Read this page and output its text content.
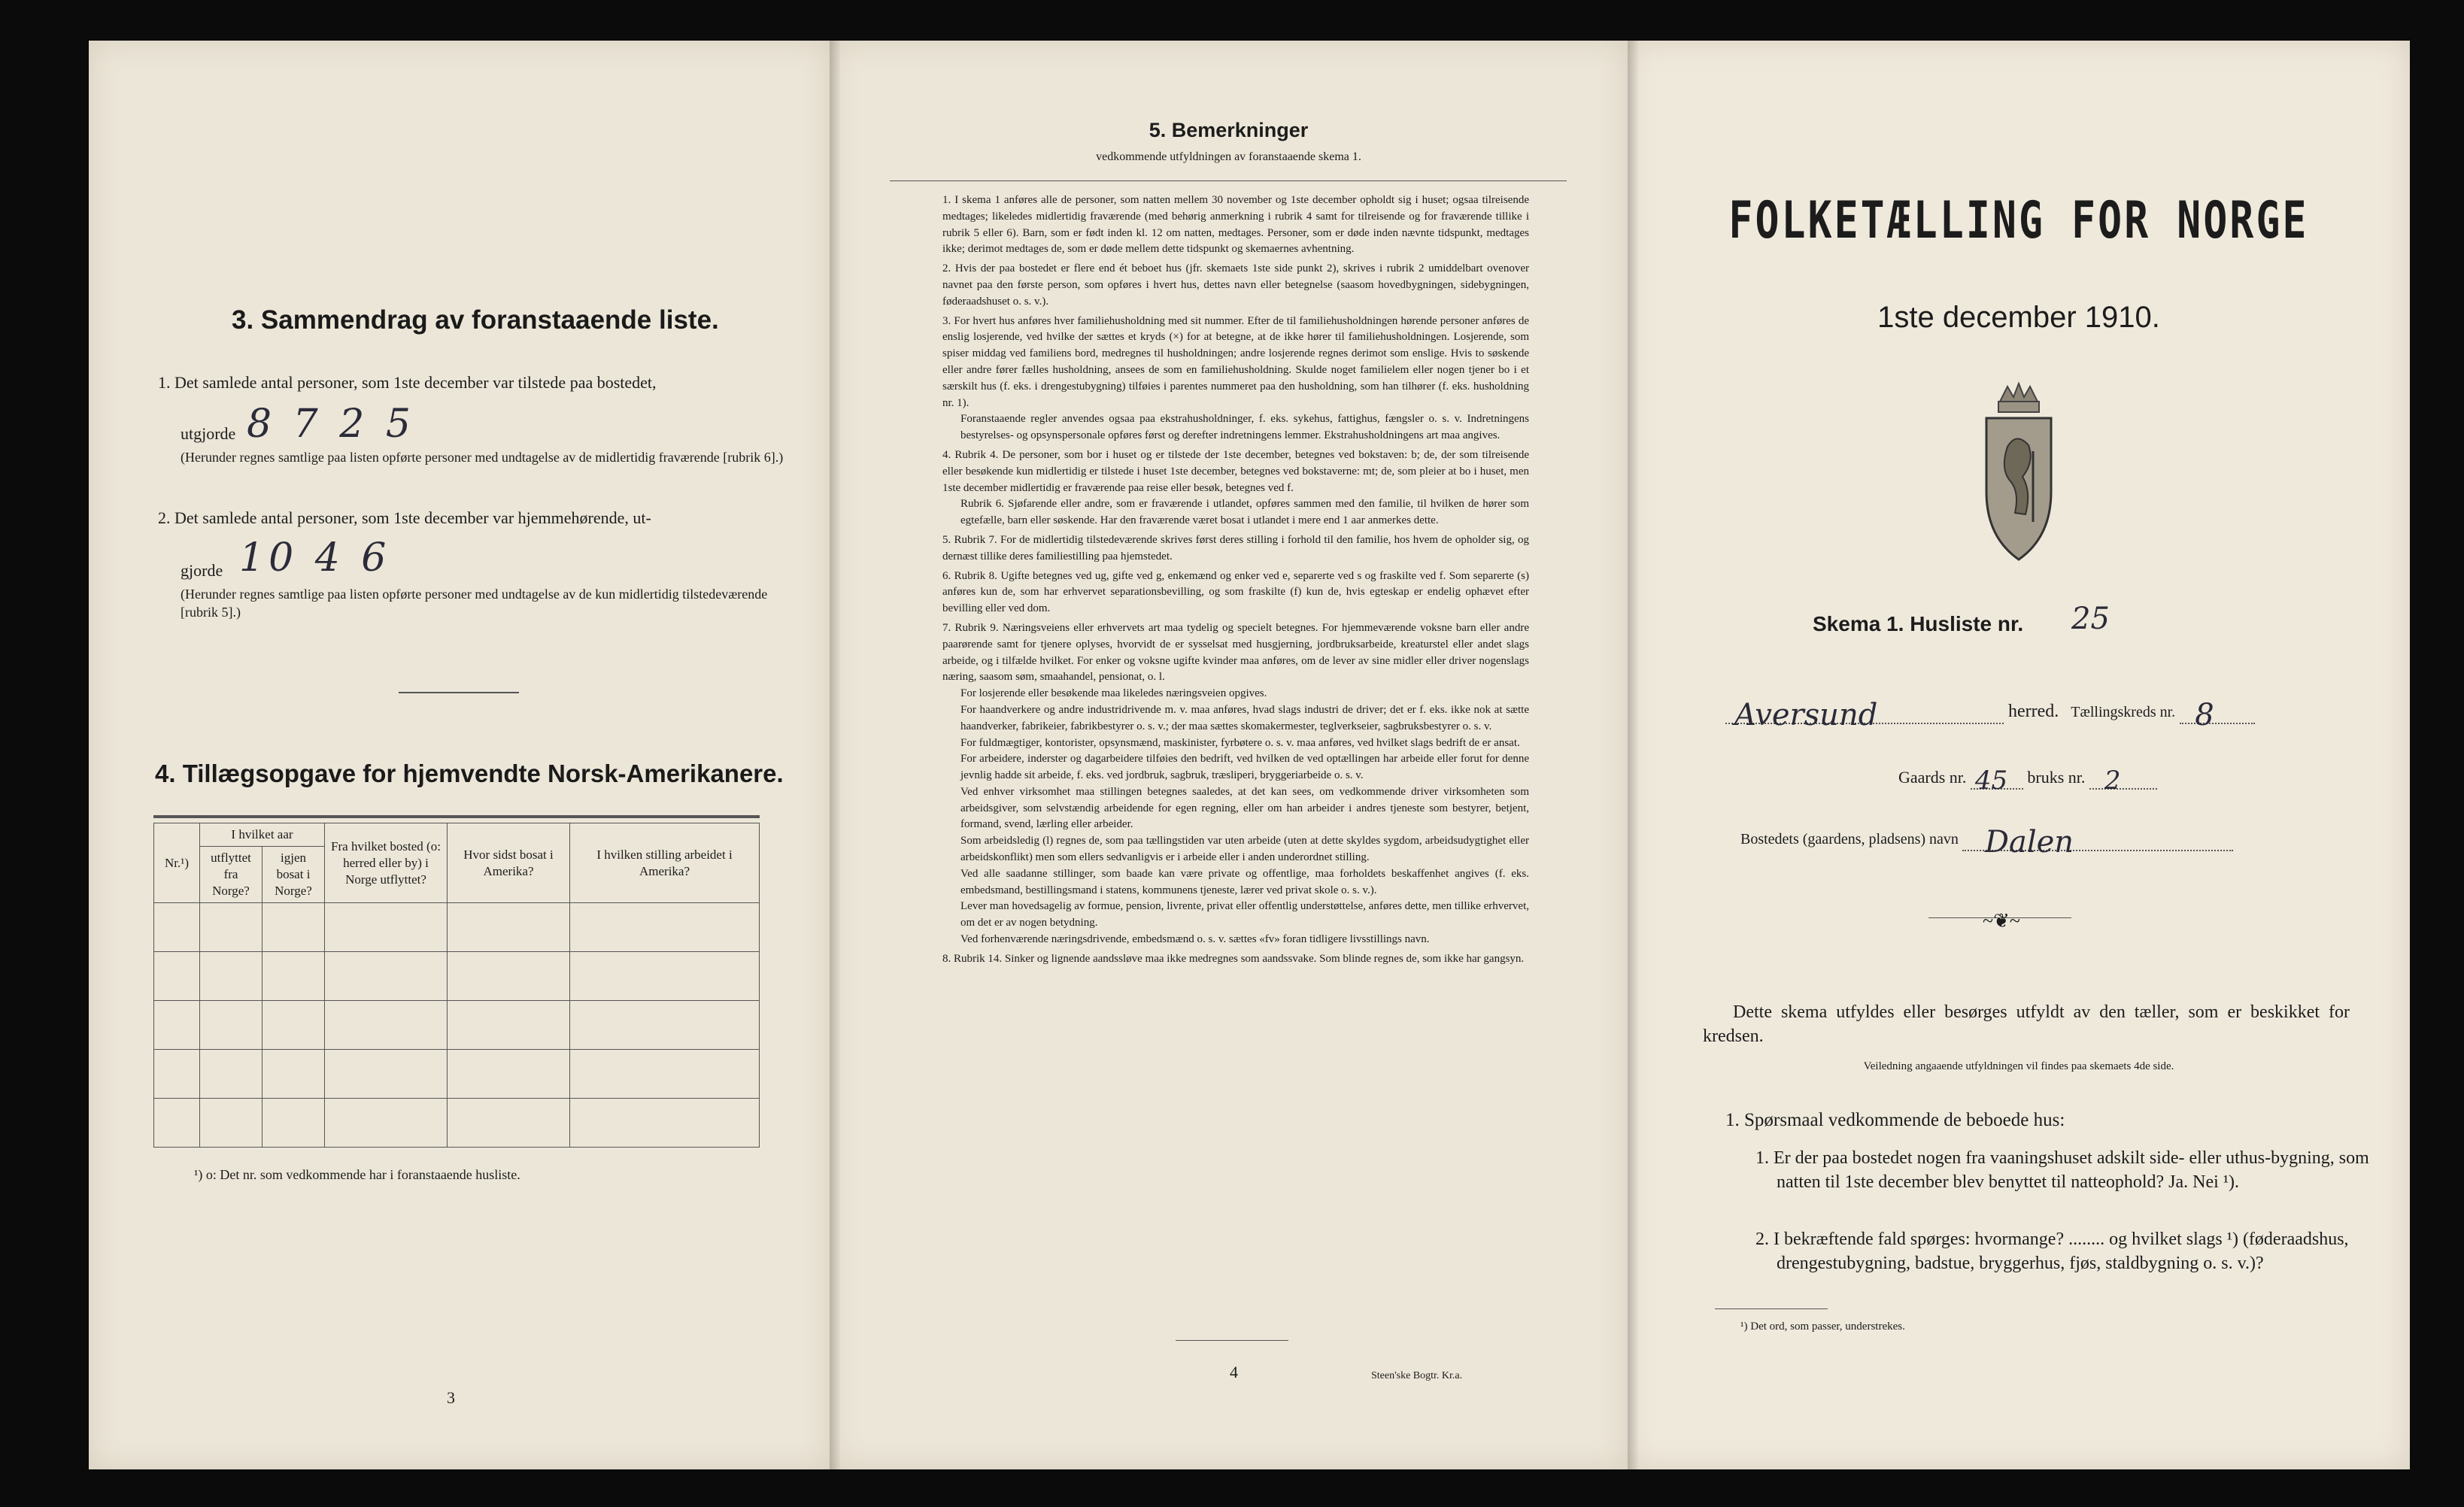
3. Sammendrag av foranstaaende liste.
1. Det samlede antal personer, som 1ste december var tilstede paa bostedet,
utgjorde 8 7 2 5
(Herunder regnes samtlige paa listen opførte personer med undtagelse av de midlertidig fraværende [rubrik 6].)
2. Det samlede antal personer, som 1ste december var hjemmehørende, ut-
gjorde 10 4 6
(Herunder regnes samtlige paa listen opførte personer med undtagelse av de kun midlertidig tilstedeværende [rubrik 5].)
4. Tillægsopgave for hjemvendte Norsk-Amerikanere.
Nr.¹)	I hvilket aar		Fra hvilket bosted (o: herred eller by) i Norge utflyttet?	Hvor sidst bosat i Amerika?	I hvilken stilling arbeidet i Amerika?
	utflyttet fra Norge?	igjen bosat i Norge?			

¹) o: Det nr. som vedkommende har i foranstaaende husliste.
3
5. Bemerkninger
vedkommende utfyldningen av foranstaaende skema 1.

1. I skema 1 anføres alle de personer, som natten mellem 30 november og 1ste december opholdt sig i huset; ogsaa tilreisende medtages; likeledes midlertidig fraværende (med behørig anmerkning i rubrik 4 samt for tilreisende og for fraværende tillike i rubrik 5 eller 6). Barn, som er født inden kl. 12 om natten, medtages. Personer, som er døde inden nævnte tidspunkt, medtages ikke; derimot medtages de, som er døde mellem dette tidspunkt og skemaernes avhentning.

2. Hvis der paa bostedet er flere end ét beboet hus (jfr. skemaets 1ste side punkt 2), skrives i rubrik 2 umiddelbart ovenover navnet paa den første person, som opføres i hvert hus, dettes navn eller betegnelse (saasom hovedbygningen, sidebygningen, føderaadshuset o. s. v.).

3. For hvert hus anføres hver familiehusholdning med sit nummer. Efter de til familiehusholdningen hørende personer anføres de enslig losjerende, ved hvilke der sættes et kryds (×) for at betegne, at de ikke hører til familiehusholdningen. Losjerende, som spiser middag ved familiens bord, medregnes til husholdningen; andre losjerende regnes derimot som enslige. Hvis to søskende eller andre fører fælles husholdning, ansees de som en familiehusholdning. Skulde noget familielem eller nogen tjener bo i et særskilt hus (f. eks. i drengestubygning) tilføies i parentes nummeret paa den husholdning, som han tilhører (f. eks. husholdning nr. 1).

Foranstaaende regler anvendes ogsaa paa ekstrahusholdninger, f. eks. sykehus, fattighus, fængsler o. s. v. Indretningens bestyrelses- og opsynspersonale opføres først og derefter indretningens lemmer. Ekstrahusholdningens art maa angives.

4. Rubrik 4. De personer, som bor i huset og er tilstede der 1ste december, betegnes ved bokstaven: b; de, der som tilreisende eller besøkende kun midlertidig er tilstede i huset 1ste december, betegnes ved bokstaverne: mt; de, som pleier at bo i huset, men 1ste december midlertidig er fraværende paa reise eller besøk, betegnes ved f.

Rubrik 6. Sjøfarende eller andre, som er fraværende i utlandet, opføres sammen med den familie, til hvilken de hører som egtefælle, barn eller søskende. Har den fraværende været bosat i utlandet i mere end 1 aar anmerkes dette.

5. Rubrik 7. For de midlertidig tilstedeværende skrives først deres stilling i forhold til den familie, hos hvem de opholder sig, og dernæst tillike deres familiestilling paa hjemstedet.

6. Rubrik 8. Ugifte betegnes ved ug, gifte ved g, enkemænd og enker ved e, separerte ved s og fraskilte ved f. Som separerte (s) anføres kun de, som har erhvervet separationsbevilling, og som fraskilte (f) kun de, hvis egteskap er endelig ophævet efter bevilling eller ved dom.

7. Rubrik 9. Næringsveiens eller erhvervets art maa tydelig og specielt betegnes. For hjemmeværende voksne barn eller andre paarørende samt for tjenere oplyses, hvorvidt de er sysselsat med husgjerning, jordbruksarbeide, kreaturstel eller andet slags arbeide, og i tilfælde hvilket. For enker og voksne ugifte kvinder maa anføres, om de lever av sine midler eller driver nogenslags næring, saasom søm, smaahandel, pensionat, o. l.

For losjerende eller besøkende maa likeledes næringsveien opgives.

For haandverkere og andre industridrivende m. v. maa anføres, hvad slags industri de driver; det er f. eks. ikke nok at sætte haandverker, fabrikeier, fabrikbestyrer o. s. v.; der maa sættes skomakermester, teglverkseier, sagbruksbestyrer o. s. v.

For fuldmægtiger, kontorister, opsynsmænd, maskinister, fyrbøtere o. s. v. maa anføres, ved hvilket slags bedrift de er ansat.

For arbeidere, inderster og dagarbeidere tilføies den bedrift, ved hvilken de ved optællingen har arbeide eller forut for denne jevnlig hadde sit arbeide, f. eks. ved jordbruk, sagbruk, træsliperi, bryggeriarbeide o. s. v.

Ved enhver virksomhet maa stillingen betegnes saaledes, at det kan sees, om vedkommende driver virksomheten som arbeidsgiver, som selvstændig arbeidende for egen regning, eller om han arbeider i andres tjeneste som bestyrer, betjent, formand, svend, lærling eller arbeider.

Som arbeidsledig (l) regnes de, som paa tællingstiden var uten arbeide (uten at dette skyldes sygdom, arbeidsudygtighet eller arbeidskonflikt) men som ellers sedvanligvis er i arbeide eller i anden underordnet stilling.

Ved alle saadanne stillinger, som baade kan være private og offentlige, maa forholdets beskaffenhet angives (f. eks. embedsmand, bestillingsmand i statens, kommunens tjeneste, lærer ved privat skole o. s. v.).

Lever man hovedsagelig av formue, pension, livrente, privat eller offentlig understøttelse, anføres dette, men tillike erhvervet, om det er av nogen betydning.

Ved forhenværende næringsdrivende, embedsmænd o. s. v. sættes «fv» foran tidligere livsstillings navn.

8. Rubrik 14. Sinker og lignende aandssløve maa ikke medregnes som aandssvake. Som blinde regnes de, som ikke har gangsyn.

4	Steen'ske Bogtr. Kr.a.
FOLKETÆLLING FOR NORGE
1ste december 1910.
Skema 1. Husliste nr. 25
Aversund	herred. Tællingskreds nr. 8
Gaards nr. 45 bruks nr. 2
Bostedets (gaardens, pladsens) navn Dalen
~❦~
Dette skema utfyldes eller besørges utfyldt av den tæller, som er beskikket for kredsen.
Veiledning angaaende utfyldningen vil findes paa skemaets 4de side.
1. Spørsmaal vedkommende de beboede hus:
1. Er der paa bostedet nogen fra vaaningshuset adskilt side- eller uthus-bygning, som natten til 1ste december blev benyttet til natteophold? Ja. Nei ¹).
2. I bekræftende fald spørges: hvormange? ........ og hvilket slags ¹) (føderaadshus, drengestubygning, badstue, bryggerhus, fjøs, staldbygning o. s. v.)?
¹) Det ord, som passer, understrekes.
